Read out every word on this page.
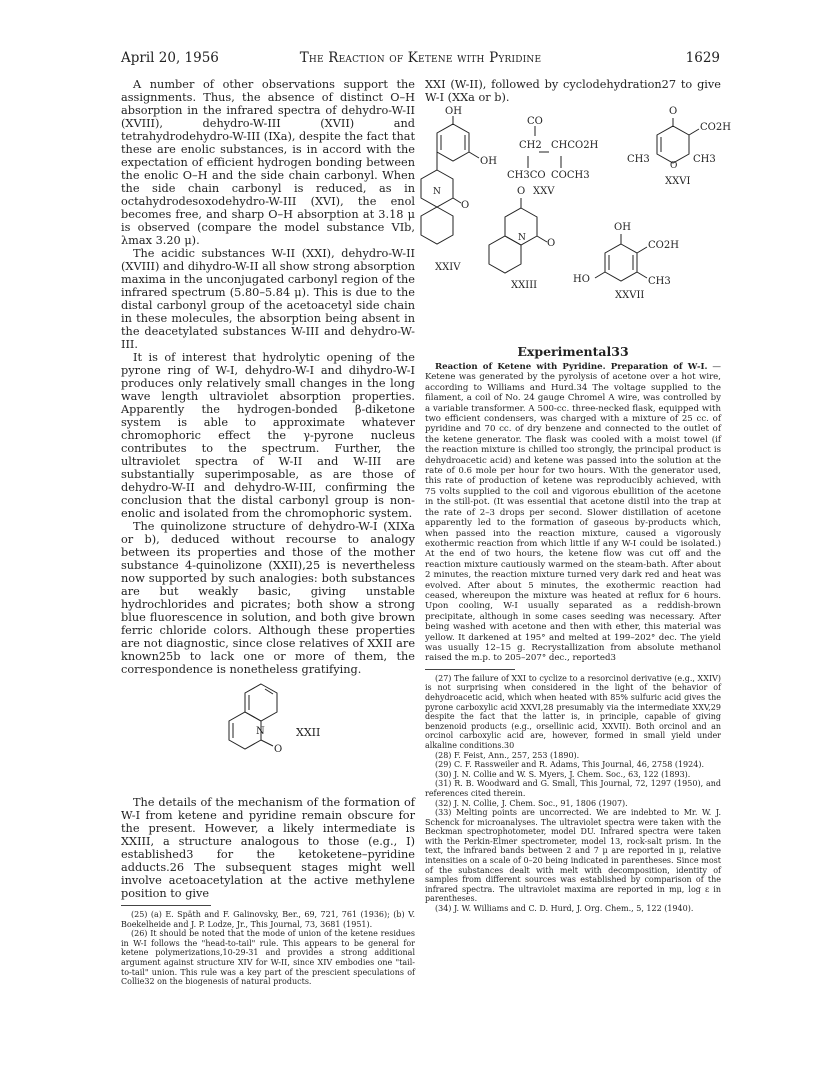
April 20, 1956	The Reaction of Ketene with Pyridine	1629

A number of other observations support the assignments. Thus, the absence of distinct O–H absorption in the infrared spectra of dehydro-W-II (XVIII), dehydro-W-III (XVII) and tetrahydrodehydro-W-III (IXa), despite the fact that these are enolic substances, is in accord with the expectation of efficient hydrogen bonding between the enolic O–H and the side chain carbonyl. When the side chain carbonyl is reduced, as in octahydrodesoxodehydro-W-III (XVI), the enol becomes free, and sharp O–H absorption at 3.18 μ is observed (compare the model substance VIb, λmax 3.20 μ).

The acidic substances W-II (XXI), dehydro-W-II (XVIII) and dihydro-W-II all show strong absorption maxima in the unconjugated carbonyl region of the infrared spectrum (5.80–5.84 μ). This is due to the distal carbonyl group of the acetoacetyl side chain in these molecules, the absorption being absent in the deacetylated substances W-III and dehydro-W-III.

It is of interest that hydrolytic opening of the pyrone ring of W-I, dehydro-W-I and dihydro-W-I produces only relatively small changes in the long wave length ultraviolet absorption properties. Apparently the hydrogen-bonded β-diketone system is able to approximate whatever chromophoric effect the γ-pyrone nucleus contributes to the spectrum. Further, the ultraviolet spectra of W-II and W-III are substantially superimposable, as are those of dehydro-W-II and dehydro-W-III, confirming the conclusion that the distal carbonyl group is non-enolic and isolated from the chromophoric system.

The quinolizone structure of dehydro-W-I (XIXa or b), deduced without recourse to analogy between its properties and those of the mother substance 4-quinolizone (XXII),25 is nevertheless now supported by such analogies: both substances are but weakly basic, giving unstable hydrochlorides and picrates; both show a strong blue fluorescence in solution, and both give brown ferric chloride colors. Although these properties are not diagnostic, since close relatives of XXII are known25b to lack one or more of them, the correspondence is nonetheless gratifying.

N
O
XXII

The details of the mechanism of the formation of W-I from ketene and pyridine remain obscure for the present. However, a likely intermediate is XXIII, a structure analogous to those (e.g., I) established3 for the ketoketene–pyridine adducts.26 The subsequent stages might well involve acetoacetylation at the active methylene position to give

(25) (a) E. Späth and F. Galinovsky, Ber., 69, 721, 761 (1936); (b) V. Boekelheide and J. P. Lodze, Jr., This Journal, 73, 3681 (1951).

(26) It should be noted that the mode of union of the ketene residues in W-I follows the "head-to-tail" rule. This appears to be general for ketene polymerizations,10-29-31 and provides a strong additional argument against structure XIV for W-II, since XIV embodies one "tail-to-tail" union. This rule was a key part of the prescient speculations of Collie32 on the biogenesis of natural products.

XXI (W-II), followed by cyclodehydration27 to give W-I (XXa or b).

OH
OH
N
O
XXIV
CO
CH2 CHCO2H
CH3CO COCH3
XXV
O
CO2H
CH3	CH3
O
XXVI
O
N O
XXIII
OH
CO2H
CH3
HO
XXVII
Experimental33

Reaction of Ketene with Pyridine. Preparation of W-I. —Ketene was generated by the pyrolysis of acetone over a hot wire, according to Williams and Hurd.34 The voltage supplied to the filament, a coil of No. 24 gauge Chromel A wire, was controlled by a variable transformer. A 500-cc. three-necked flask, equipped with two efficient condensers, was charged with a mixture of 25 cc. of pyridine and 70 cc. of dry benzene and connected to the outlet of the ketene generator. The flask was cooled with a moist towel (if the reaction mixture is chilled too strongly, the principal product is dehydroacetic acid) and ketene was passed into the solution at the rate of 0.6 mole per hour for two hours. With the generator used, this rate of production of ketene was reproducibly achieved, with 75 volts supplied to the coil and vigorous ebullition of the acetone in the still-pot. (It was essential that acetone distil into the trap at the rate of 2–3 drops per second. Slower distillation of acetone apparently led to the formation of gaseous by-products which, when passed into the reaction mixture, caused a vigorously exothermic reaction from which little if any W-I could be isolated.) At the end of two hours, the ketene flow was cut off and the reaction mixture cautiously warmed on the steam-bath. After about 2 minutes, the reaction mixture turned very dark red and heat was evolved. After about 5 minutes, the exothermic reaction had ceased, whereupon the mixture was heated at reflux for 6 hours. Upon cooling, W-I usually separated as a reddish-brown precipitate, although in some cases seeding was necessary. After being washed with acetone and then with ether, this material was yellow. It darkened at 195° and melted at 199–202° dec. The yield was usually 12–15 g. Recrystallization from absolute methanol raised the m.p. to 205–207° dec., reported3

(27) The failure of XXI to cyclize to a resorcinol derivative (e.g., XXIV) is not surprising when considered in the light of the behavior of dehydroacetic acid, which when heated with 85% sulfuric acid gives the pyrone carboxylic acid XXVI,28 presumably via the intermediate XXV,29 despite the fact that the latter is, in principle, capable of giving benzenoid products (e.g., orsellinic acid, XXVII). Both orcinol and an orcinol carboxylic acid are, however, formed in small yield under alkaline conditions.30

(28) F. Feist, Ann., 257, 253 (1890).

(29) C. F. Rassweiler and R. Adams, This Journal, 46, 2758 (1924).

(30) J. N. Collie and W. S. Myers, J. Chem. Soc., 63, 122 (1893).

(31) R. B. Woodward and G. Small, This Journal, 72, 1297 (1950), and references cited therein.

(32) J. N. Collie, J. Chem. Soc., 91, 1806 (1907).

(33) Melting points are uncorrected. We are indebted to Mr. W. J. Schenck for microanalyses. The ultraviolet spectra were taken with the Beckman spectrophotometer, model DU. Infrared spectra were taken with the Perkin-Elmer spectrometer, model 13, rock-salt prism. In the text, the infrared bands between 2 and 7 μ are reported in μ, relative intensities on a scale of 0–20 being indicated in parentheses. Since most of the substances dealt with melt with decomposition, identity of samples from different sources was established by comparison of the infrared spectra. The ultraviolet maxima are reported in mμ, log ε in parentheses.

(34) J. W. Williams and C. D. Hurd, J. Org. Chem., 5, 122 (1940).
